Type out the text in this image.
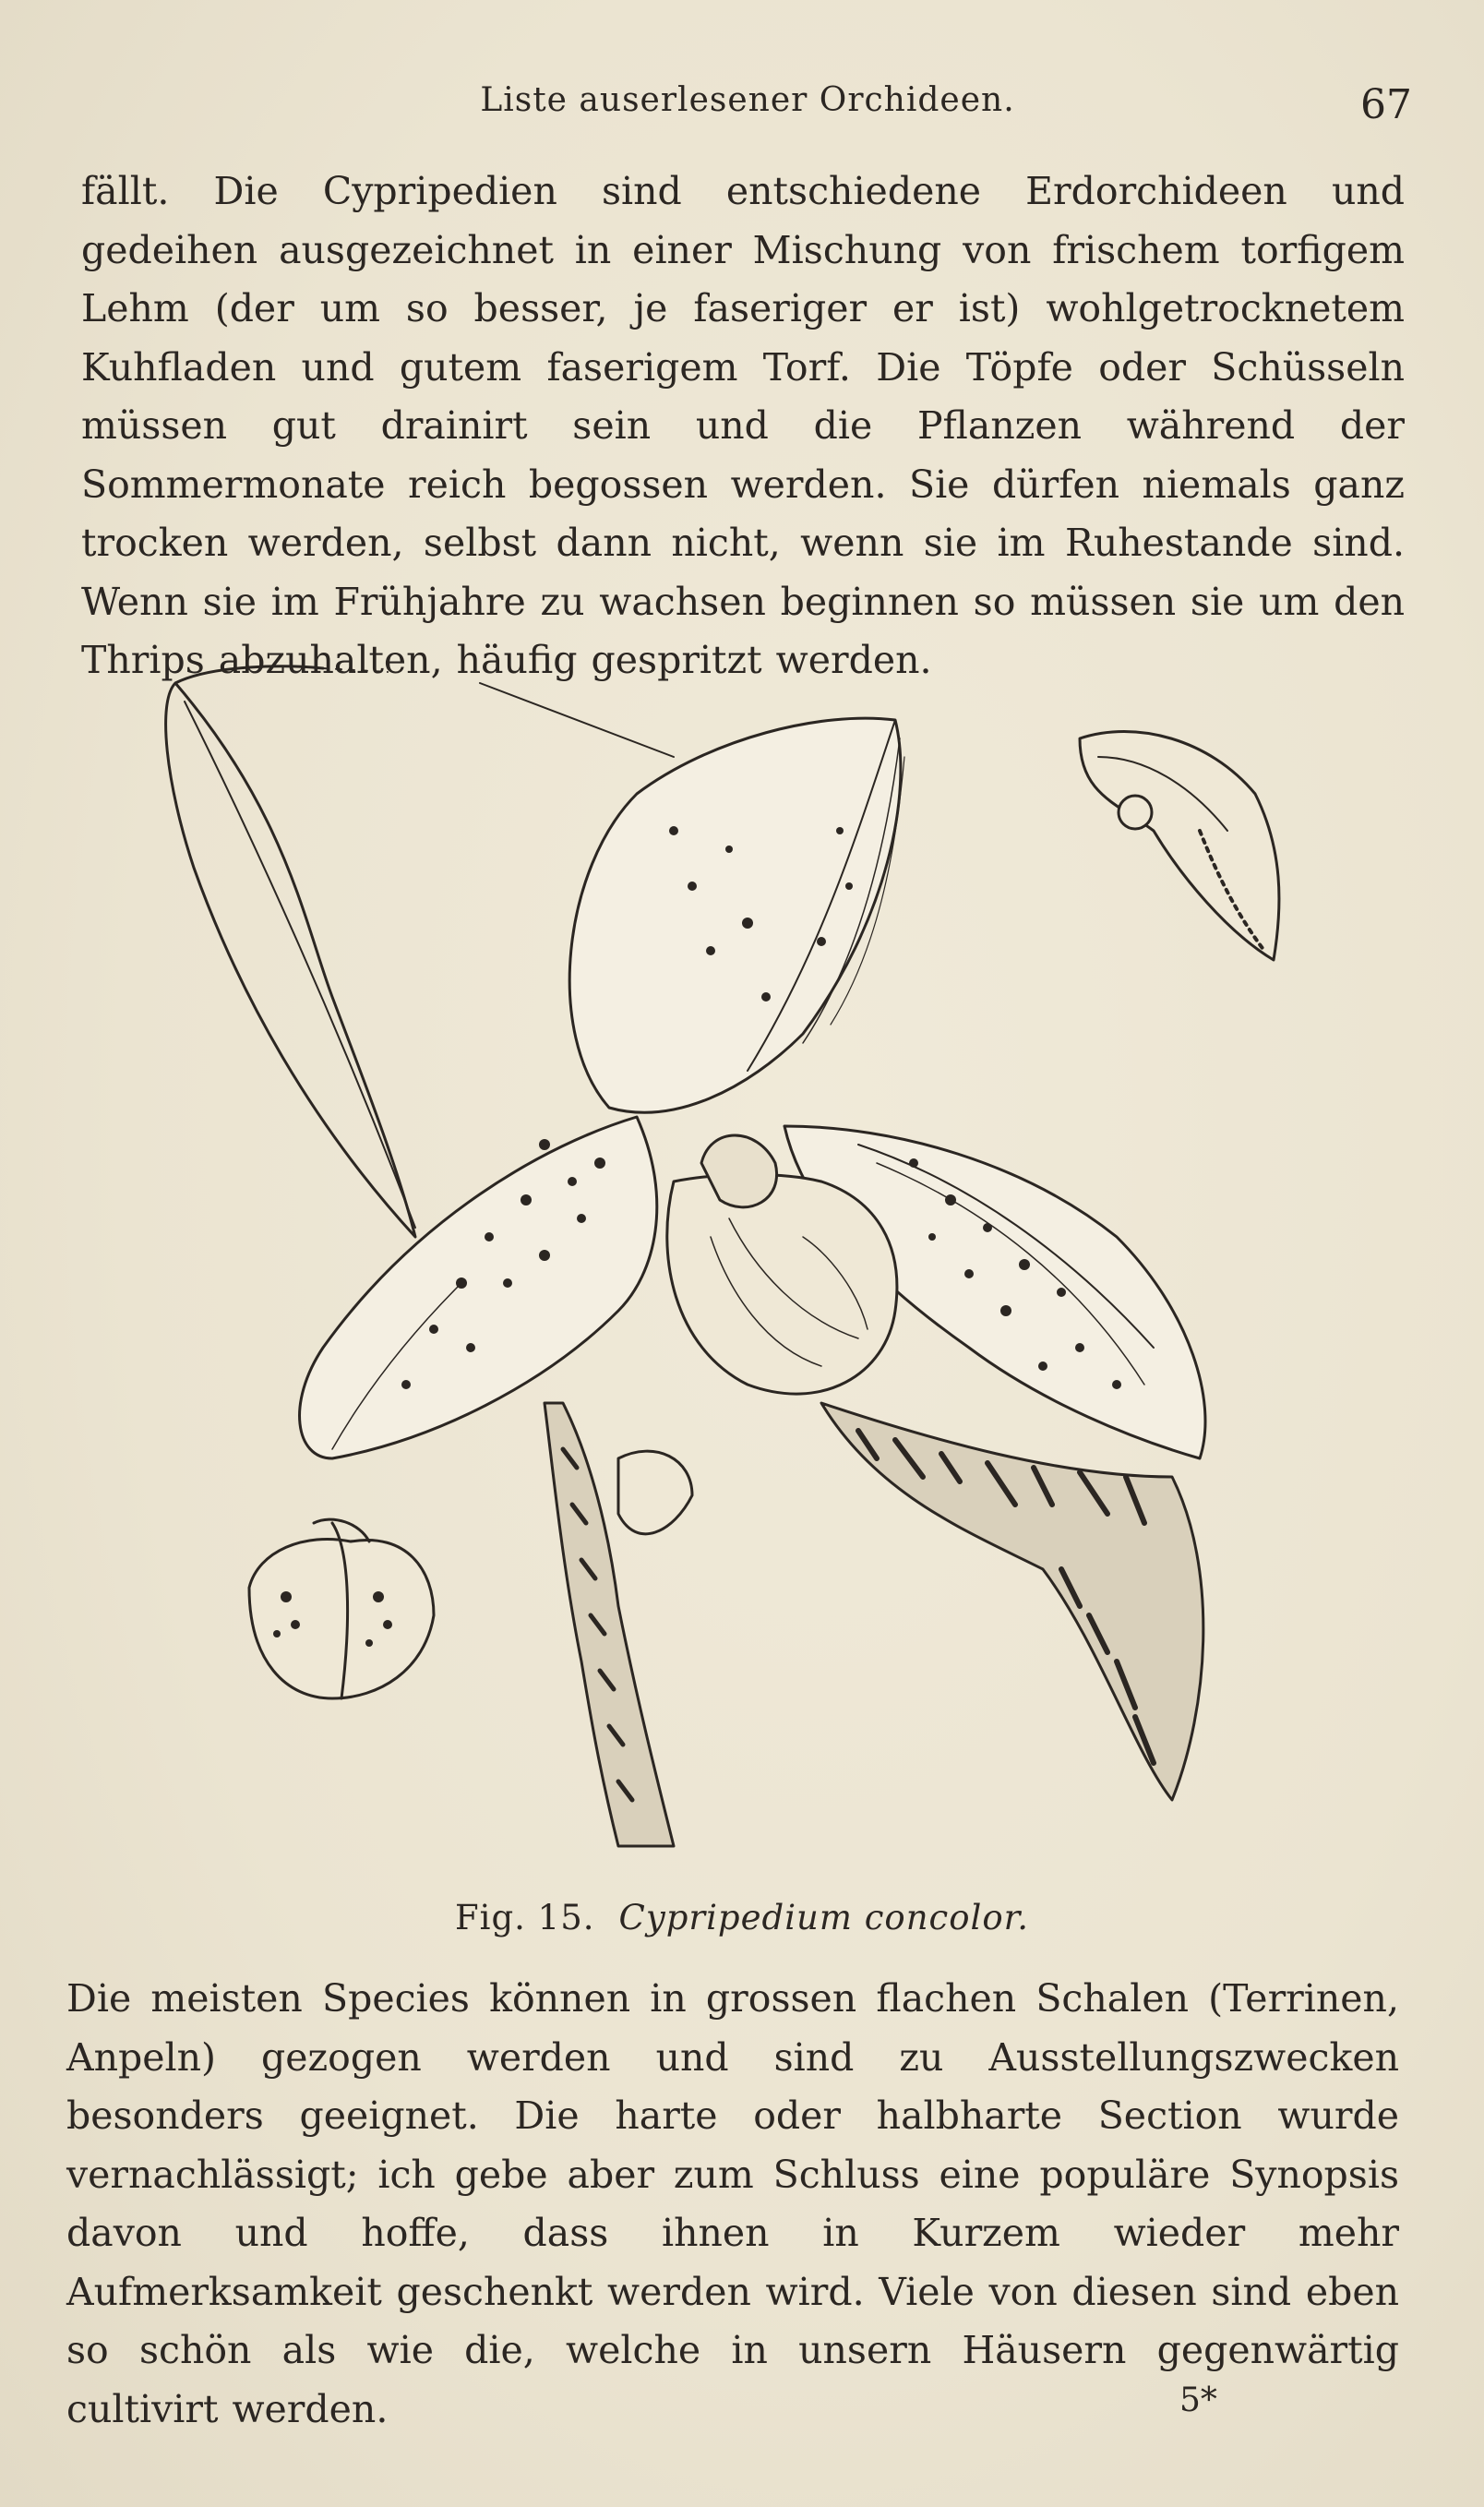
Liste auserlesener Orchideen.	67

fällt. Die Cypripedien sind entschiedene Erdorchideen und gedeihen ausgezeichnet in einer Mischung von frischem torfigem Lehm (der um so besser, je faseriger er ist) wohlgetrocknetem Kuhfladen und gutem faserigem Torf. Die Töpfe oder Schüsseln müssen gut drainirt sein und die Pflanzen während der Sommermonate reich begossen werden. Sie dürfen niemals ganz trocken werden, selbst dann nicht, wenn sie im Ruhestande sind. Wenn sie im Frühjahre zu wachsen beginnen so müssen sie um den Thrips abzuhalten, häufig gespritzt werden.

Fig. 15. Cypripedium concolor.

Die meisten Species können in grossen flachen Schalen (Terrinen, Anpeln) gezogen werden und sind zu Ausstellungszwecken besonders geeignet. Die harte oder halbharte Section wurde vernachlässigt; ich gebe aber zum Schluss eine populäre Synopsis davon und hoffe, dass ihnen in Kurzem wieder mehr Aufmerksamkeit geschenkt werden wird. Viele von diesen sind eben so schön als wie die, welche in unsern Häusern gegenwärtig cultivirt werden.	5*
